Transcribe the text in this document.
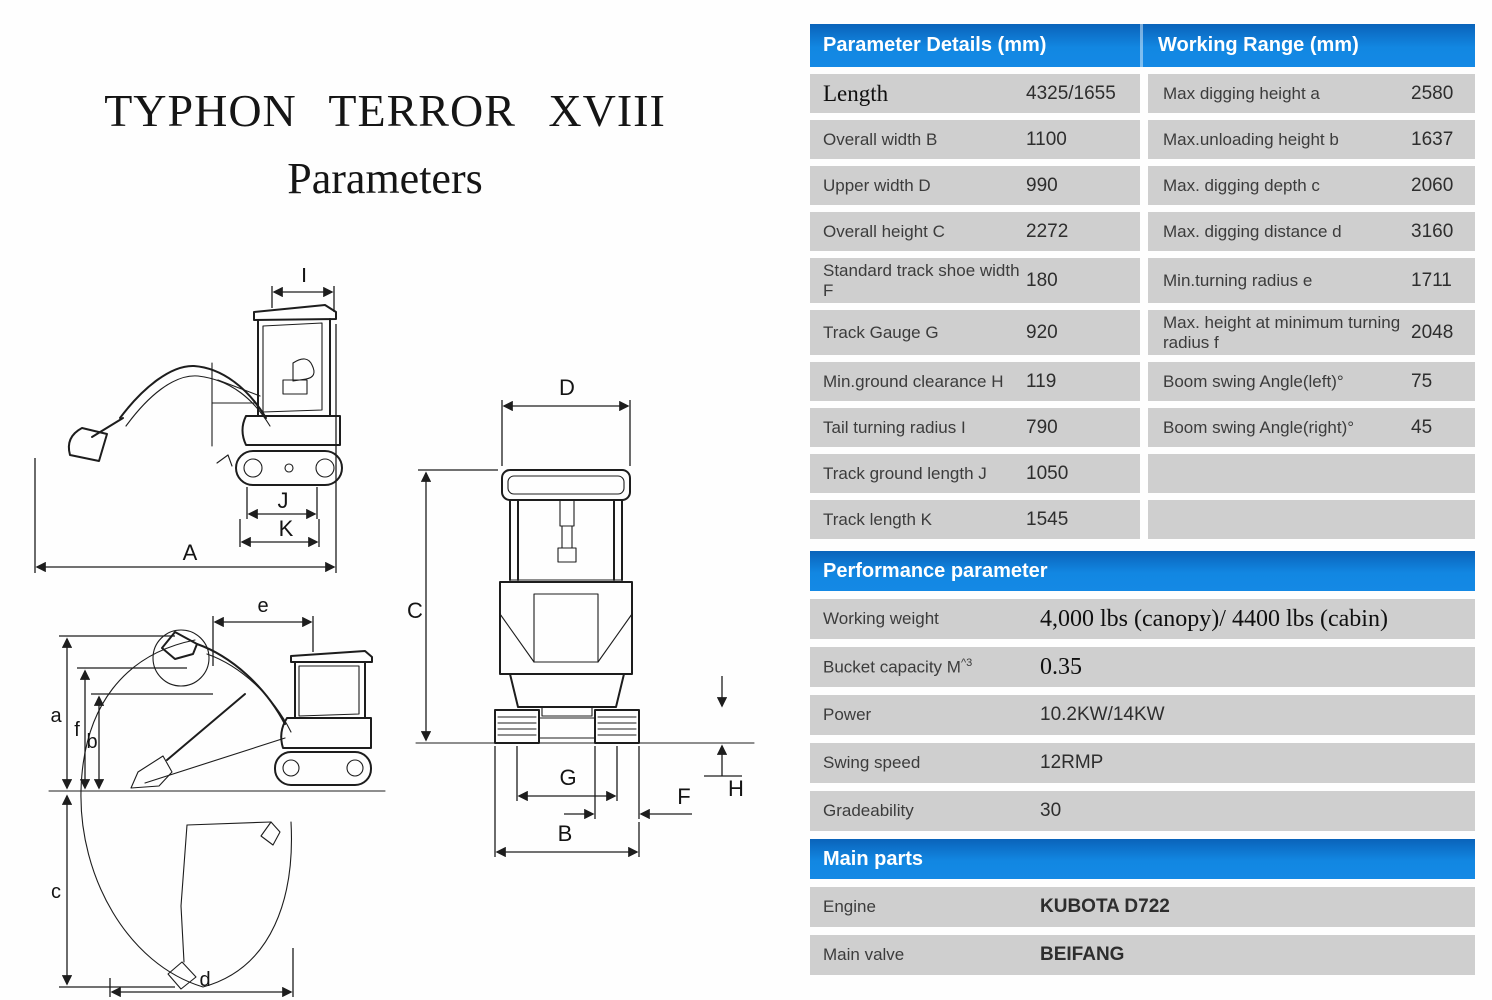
TYPHON TERROR XVIII
Parameters
I
J
K
A
D
C
H
G
F
B
e
a
f
b
c
d
Parameter Details (mm)	Working Range (mm)
Length	4325/1655	Max digging height a	2580
Overall width B	1100	Max.unloading height b	1637
Upper width D	990	Max. digging depth c	2060
Overall height C	2272	Max. digging distance d	3160
Standard track shoe width F	180	Min.turning radius e	1711
Track Gauge G	920	Max. height at minimum turning radius f	2048
Min.ground clearance H	119	Boom swing Angle(left)°	75
Tail turning radius I	790	Boom swing Angle(right)°	45
Track ground length J	1050
Track length K	1545
Performance parameter
Working weight	4,000 lbs (canopy)/ 4400 lbs (cabin)
Bucket capacity $M^{\^{}3}$	0.35
Power	10.2KW/14KW
Swing speed	12RMP
Gradeability	30
Main parts
Engine	KUBOTA D722
Main valve	BEIFANG
